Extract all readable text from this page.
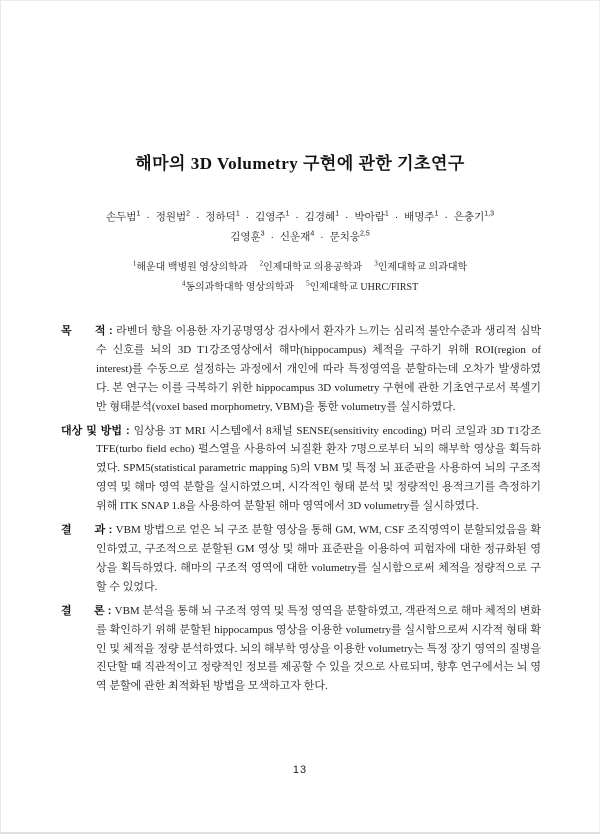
해마의 3D Volumetry 구현에 관한 기초연구
손두범$^1$ · 정원범$^2$ · 정하덕$^1$ · 김영주$^1$ · 김경혜$^1$ · 박아람$^1$ · 배명주$^1$ · 은충기$^{1,3}$
김영훈$^3$ · 신운재$^4$ · 문치웅$^{2,5}$
$^1$해운대 백병원 영상의학과 $^2$인제대학교 의용공학과 $^3$인제대학교 의과대학
$^4$동의과학대학 영상의학과 $^5$인제대학교 UHRC/FIRST

목　　적 : 라벤더 향을 이용한 자기공명영상 검사에서 환자가 느끼는 심리적 불안수준과 생리적 심박수 신호를 뇌의 3D T1강조영상에서 해마(hippocampus) 체적을 구하기 위해 ROI(region of interest)를 수동으로 설정하는 과정에서 개인에 따라 특정영역을 분할하는데 오차가 발생하였다. 본 연구는 이를 극복하기 위한 hippocampus 3D volumetry 구현에 관한 기초연구로서 복셀기반 형태분석(voxel based morphometry, VBM)을 통한 volumetry를 실시하였다.

대상 및 방법 : 임상용 3T MRI 시스템에서 8채널 SENSE(sensitivity encoding) 머리 코일과 3D T1강조 TFE(turbo field echo) 펄스열을 사용하여 뇌질환 환자 7명으로부터 뇌의 해부학 영상을 획득하였다. SPM5(statistical parametric mapping 5)의 VBM 및 특정 뇌 표준판을 사용하여 뇌의 구조적 영역 및 해마 영역 분할을 실시하였으며, 시각적인 형태 분석 및 정량적인 용적크기를 측정하기 위해 ITK SNAP 1.8을 사용하여 분할된 해마 영역에서 3D volumetry를 실시하였다.

결　　과 : VBM 방법으로 얻은 뇌 구조 분할 영상을 통해 GM, WM, CSF 조직영역이 분할되었음을 확인하였고, 구조적으로 분할된 GM 영상 및 해마 표준판을 이용하여 피험자에 대한 정규화된 영상을 획득하였다. 해마의 구조적 영역에 대한 volumetry를 실시함으로써 체적을 정량적으로 구할 수 있었다.

결　　론 : VBM 분석을 통해 뇌 구조적 영역 및 특정 영역을 분할하였고, 객관적으로 해마 체적의 변화를 확인하기 위해 분할된 hippocampus 영상을 이용한 volumetry를 실시함으로써 시각적 형태 확인 및 체적을 정량 분석하였다. 뇌의 해부학 영상을 이용한 volumetry는 특정 장기 영역의 질병을 진단할 때 직관적이고 정량적인 정보를 제공할 수 있을 것으로 사료되며, 향후 연구에서는 뇌 영역 분할에 관한 최적화된 방법을 모색하고자 한다.

13
